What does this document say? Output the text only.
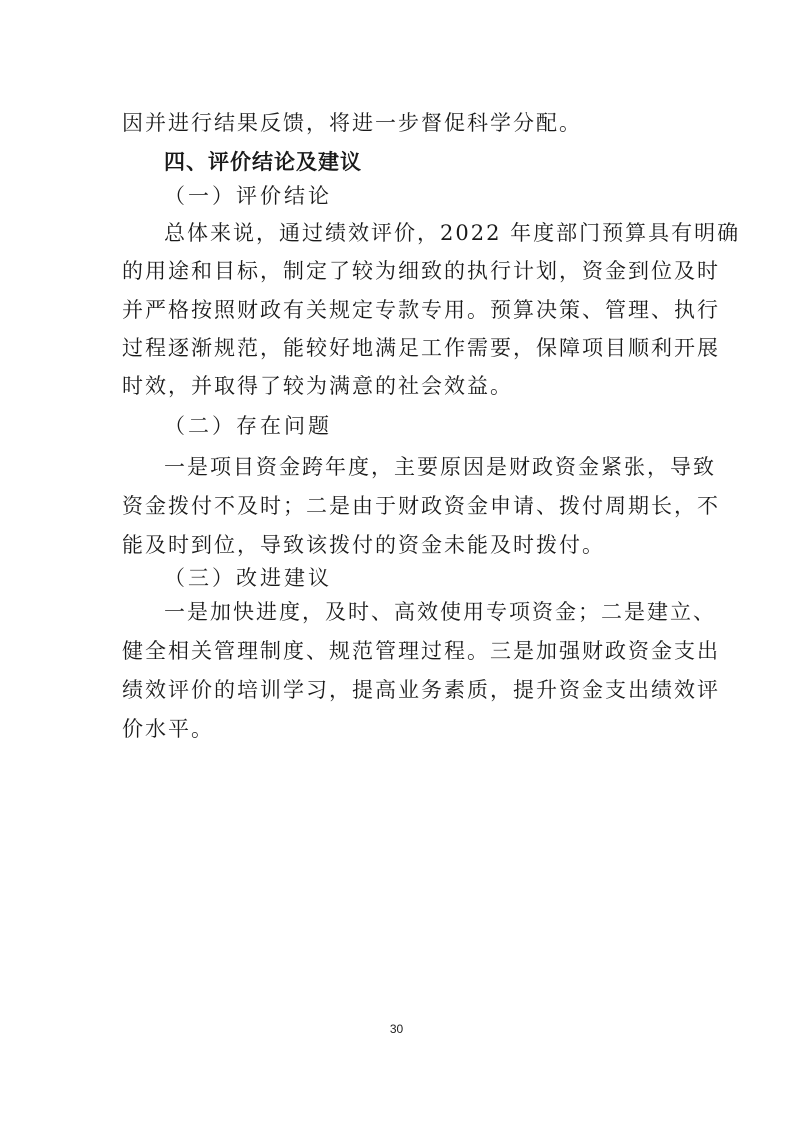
因并进行结果反馈，将进一步督促科学分配。
四、评价结论及建议
（一）评价结论
总体来说，通过绩效评价，2022 年度部门预算具有明确
的用途和目标，制定了较为细致的执行计划，资金到位及时
并严格按照财政有关规定专款专用。预算决策、管理、执行
过程逐渐规范，能较好地满足工作需要，保障项目顺利开展
时效，并取得了较为满意的社会效益。
（二）存在问题
一是项目资金跨年度，主要原因是财政资金紧张，导致
资金拨付不及时；二是由于财政资金申请、拨付周期长，不
能及时到位，导致该拨付的资金未能及时拨付。
（三）改进建议
一是加快进度，及时、高效使用专项资金；二是建立、
健全相关管理制度、规范管理过程。三是加强财政资金支出
绩效评价的培训学习，提高业务素质，提升资金支出绩效评
价水平。
30
